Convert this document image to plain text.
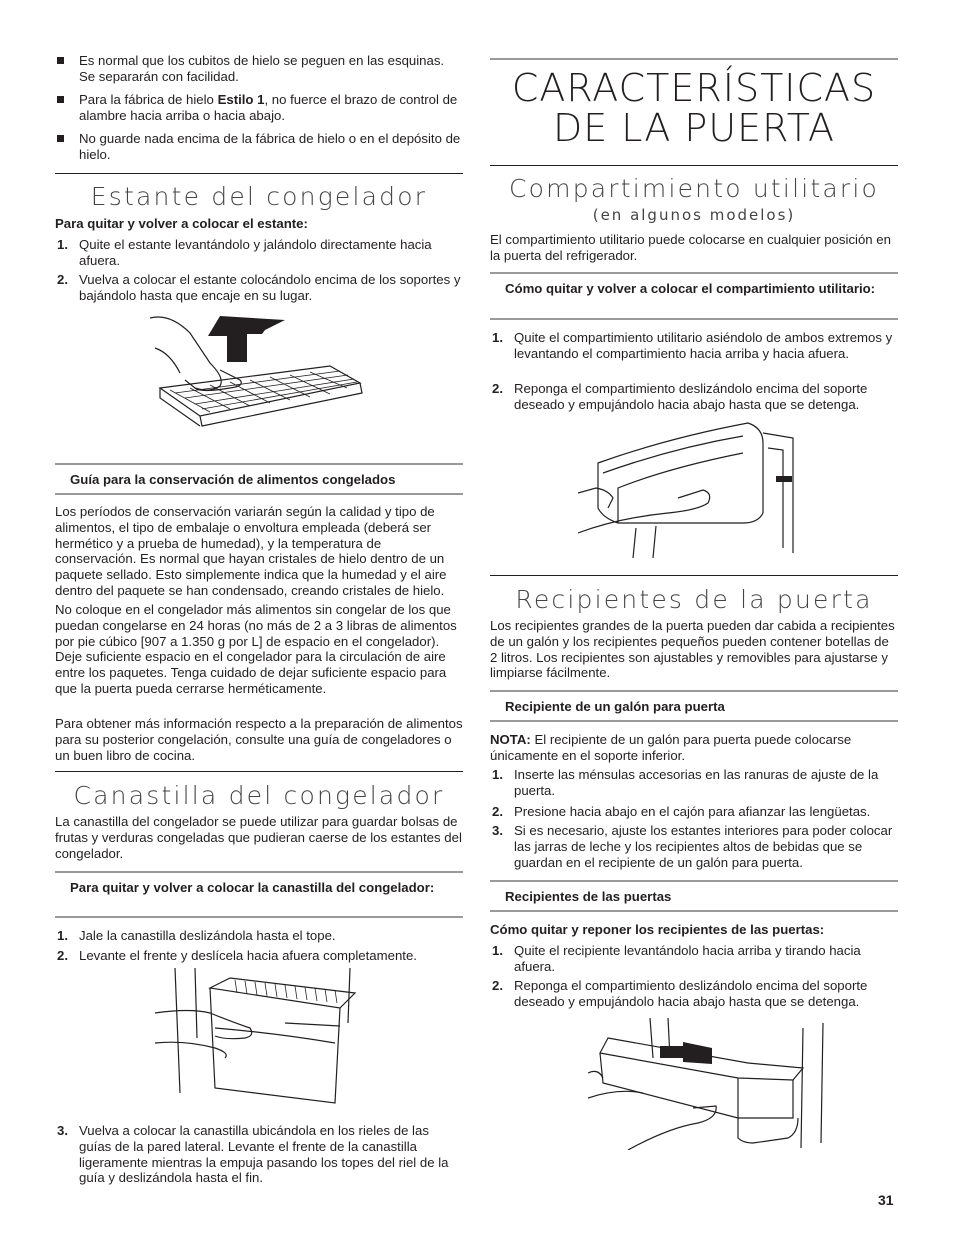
Es normal que los cubitos de hielo se peguen en las esquinas. Se separarán con facilidad.
Para la fábrica de hielo Estilo 1, no fuerce el brazo de control de alambre hacia arriba o hacia abajo.
No guarde nada encima de la fábrica de hielo o en el depósito de hielo.
Estante del congelador
Para quitar y volver a colocar el estante:
1. Quite el estante levantándolo y jalándolo directamente hacia afuera.
2. Vuelva a colocar el estante colocándolo encima de los soportes y bajándolo hasta que encaje en su lugar.
Guía para la conservación de alimentos congelados

Los períodos de conservación variarán según la calidad y tipo de alimentos, el tipo de embalaje o envoltura empleada (deberá ser hermético y a prueba de humedad), y la temperatura de conservación. Es normal que hayan cristales de hielo dentro de un paquete sellado. Esto simplemente indica que la humedad y el aire dentro del paquete se han condensado, creando cristales de hielo.

No coloque en el congelador más alimentos sin congelar de los que puedan congelarse en 24 horas (no más de 2 a 3 libras de alimentos por pie cúbico [907 a 1.350 g por L] de espacio en el congelador). Deje suficiente espacio en el congelador para la circulación de aire entre los paquetes. Tenga cuidado de dejar suficiente espacio para que la puerta pueda cerrarse herméticamente.

Para obtener más información respecto a la preparación de alimentos para su posterior congelación, consulte una guía de congeladores o un buen libro de cocina.

Canastilla del congelador

La canastilla del congelador se puede utilizar para guardar bolsas de frutas y verduras congeladas que pudieran caerse de los estantes del congelador.

Para quitar y volver a colocar la canastilla del congelador:
1. Jale la canastilla deslizándola hasta el tope.
2. Levante el frente y deslícela hacia afuera completamente.
3. Vuelva a colocar la canastilla ubicándola en los rieles de las guías de la pared lateral. Levante el frente de la canastilla ligeramente mientras la empuja pasando los topes del riel de la guía y deslizándola hasta el fin.
CARACTERÍSTICAS
DE LA PUERTA
Compartimiento utilitario
(en algunos modelos)

El compartimiento utilitario puede colocarse en cualquier posición en la puerta del refrigerador.

Cómo quitar y volver a colocar el compartimiento utilitario:
1. Quite el compartimiento utilitario asiéndolo de ambos extremos y levantando el compartimiento hacia arriba y hacia afuera.
2. Reponga el compartimiento deslizándolo encima del soporte deseado y empujándolo hacia abajo hasta que se detenga.
Recipientes de la puerta

Los recipientes grandes de la puerta pueden dar cabida a recipientes de un galón y los recipientes pequeños pueden contener botellas de 2 litros. Los recipientes son ajustables y removibles para ajustarse y limpiarse fácilmente.

Recipiente de un galón para puerta

NOTA: El recipiente de un galón para puerta puede colocarse únicamente en el soporte inferior.

1. Inserte las ménsulas accesorias en las ranuras de ajuste de la puerta.
2. Presione hacia abajo en el cajón para afianzar las lengüetas.
3. Si es necesario, ajuste los estantes interiores para poder colocar las jarras de leche y los recipientes altos de bebidas que se guardan en el recipiente de un galón para puerta.
Recipientes de las puertas
Cómo quitar y reponer los recipientes de las puertas:
1. Quite el recipiente levantándolo hacia arriba y tirando hacia afuera.
2. Reponga el compartimiento deslizándolo encima del soporte deseado y empujándolo hacia abajo hasta que se detenga.
31
